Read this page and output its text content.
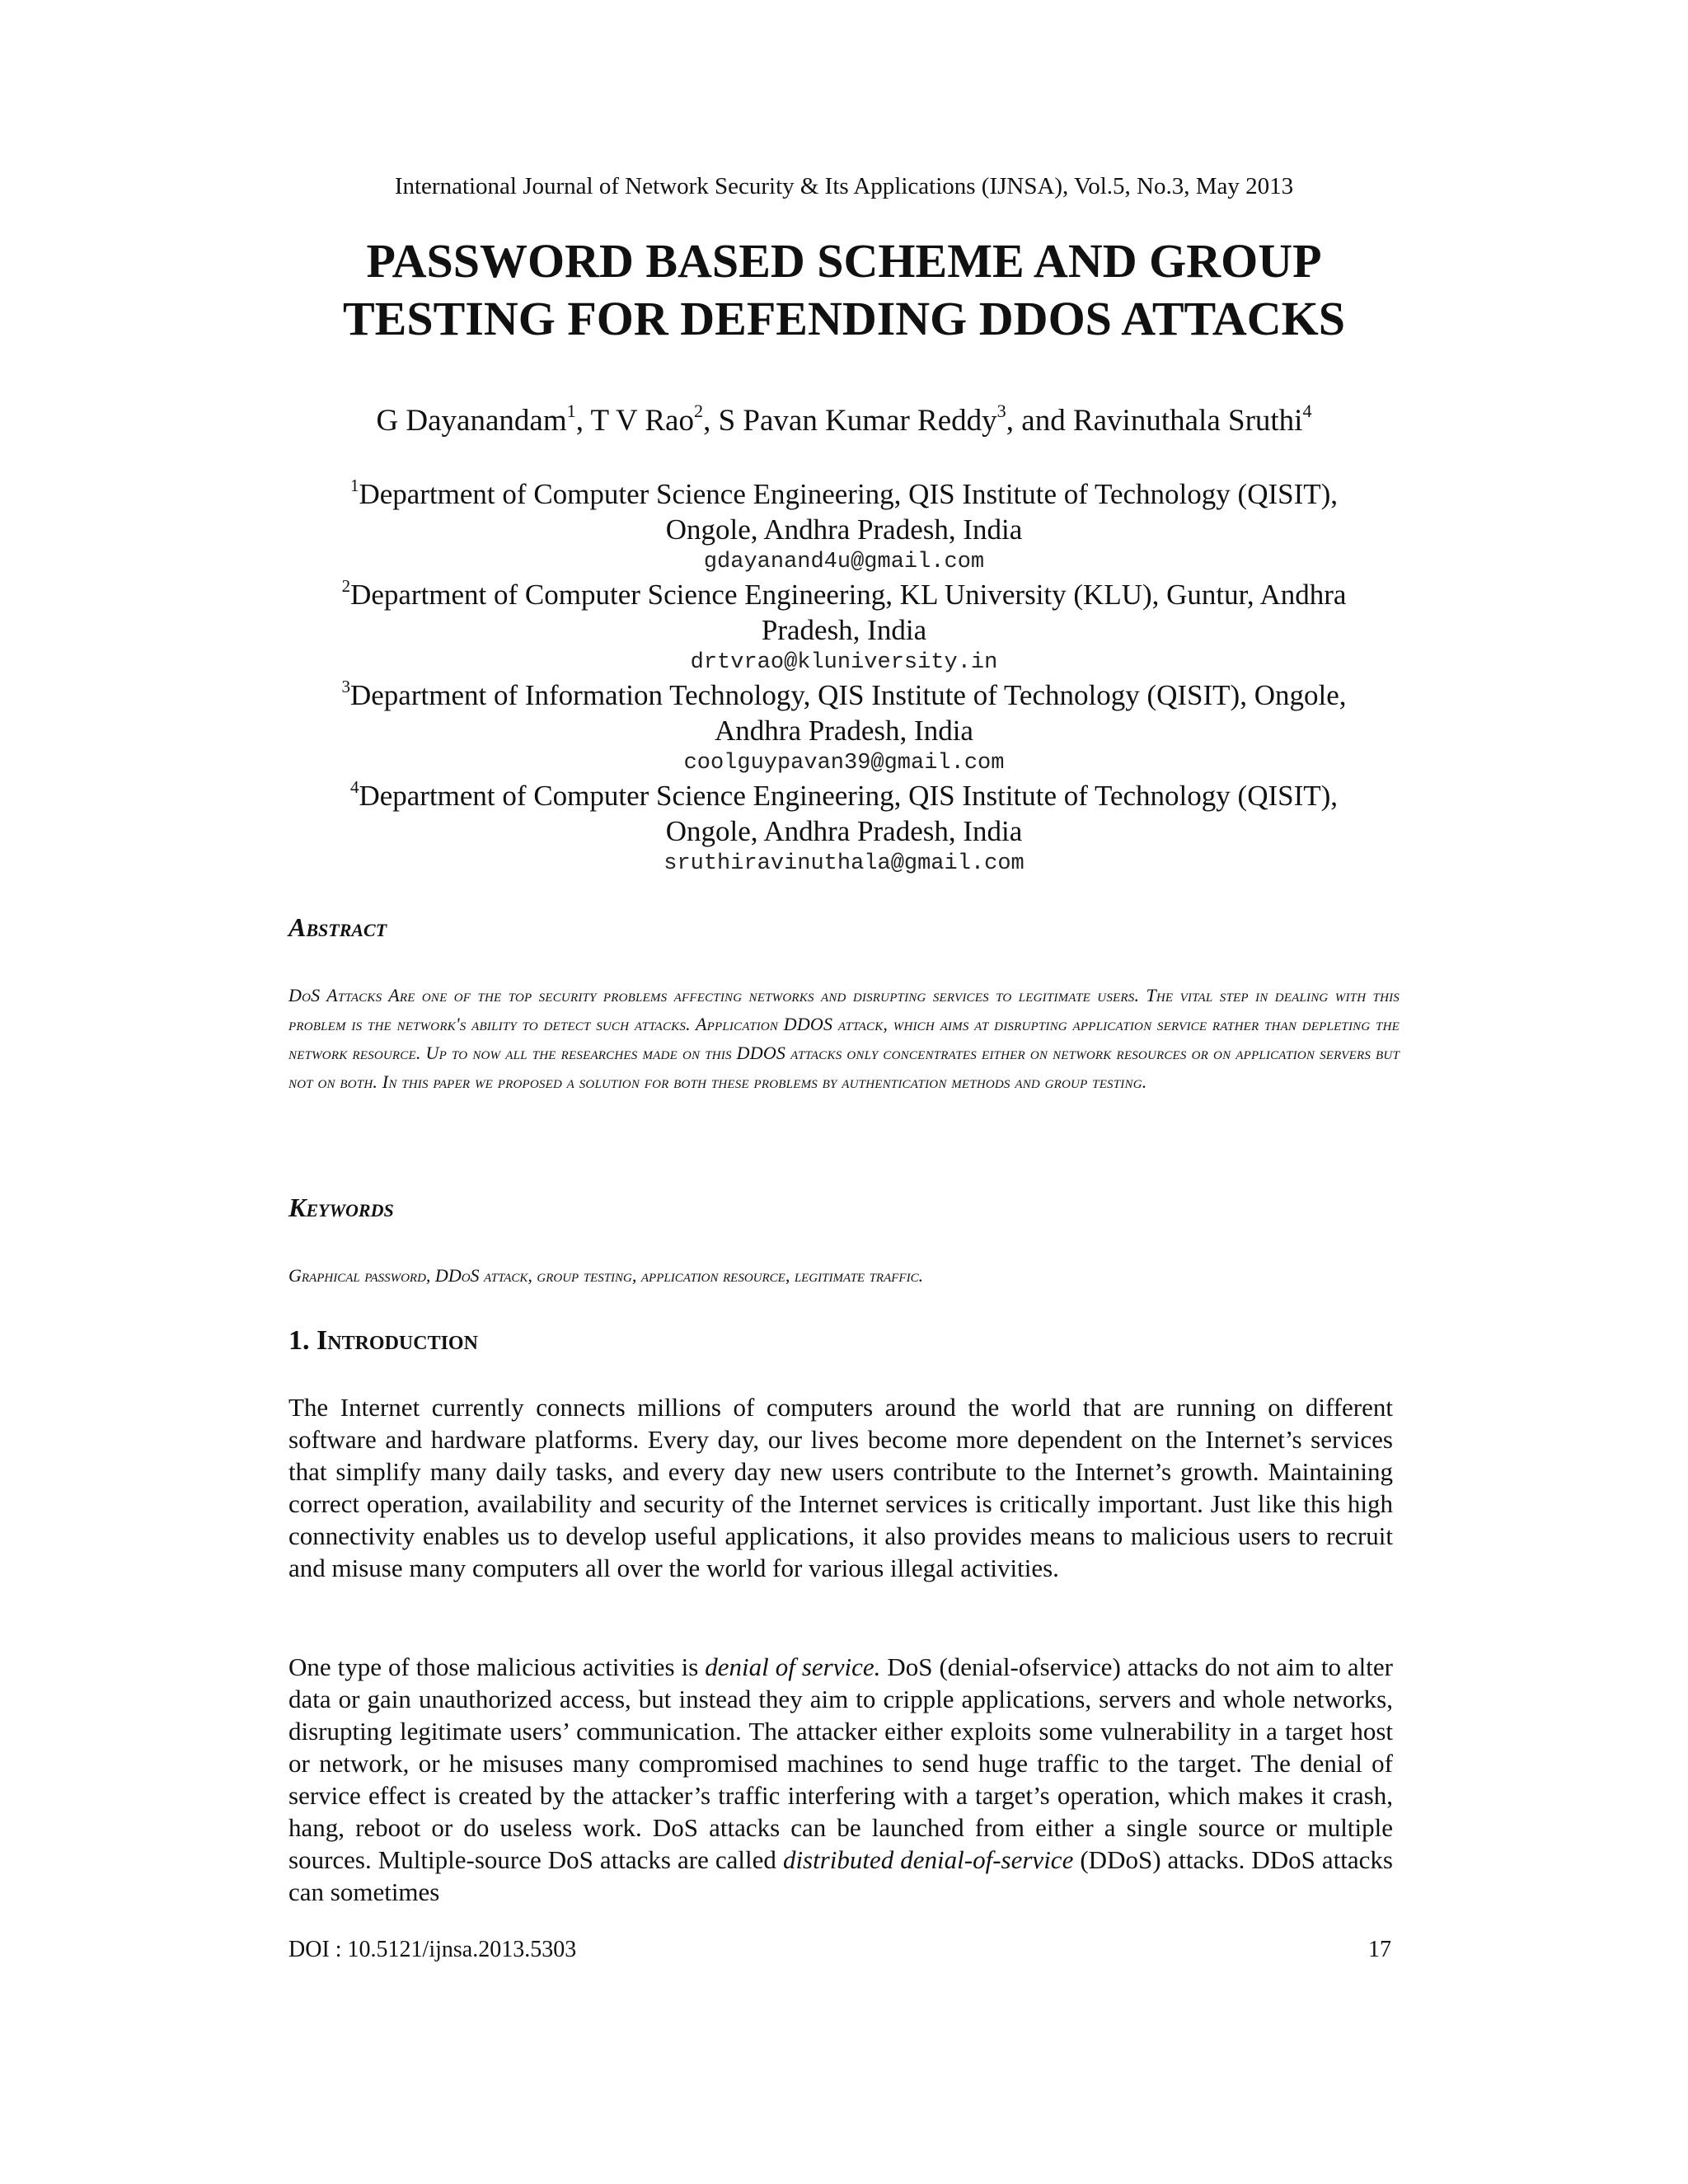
International Journal of Network Security & Its Applications (IJNSA), Vol.5, No.3, May 2013
PASSWORD BASED SCHEME AND GROUP
TESTING FOR DEFENDING DDOS ATTACKS
G Dayanandam$^1$, T V Rao$^2$, S Pavan Kumar Reddy$^3$, and Ravinuthala Sruthi$^4$
$^1$Department of Computer Science Engineering, QIS Institute of Technology (QISIT),
Ongole, Andhra Pradesh, India
gdayanand4u@gmail.com
$^2$Department of Computer Science Engineering, KL University (KLU), Guntur, Andhra
Pradesh, India
drtvrao@kluniversity.in
$^3$Department of Information Technology, QIS Institute of Technology (QISIT), Ongole,
Andhra Pradesh, India
coolguypavan39@gmail.com
$^4$Department of Computer Science Engineering, QIS Institute of Technology (QISIT),
Ongole, Andhra Pradesh, India
sruthiravinuthala@gmail.com
Abstract

DoS Attacks Are one of the top security problems affecting networks and disrupting services to legitimate users. The vital step in dealing with this problem is the network's ability to detect such attacks. Application DDOS attack, which aims at disrupting application service rather than depleting the network resource. Up to now all the researches made on this DDOS attacks only concentrates either on network resources or on application servers but not on both. In this paper we proposed a solution for both these problems by authentication methods and group testing.

Keywords

Graphical password, DDoS attack, group testing, application resource, legitimate traffic.

1. Introduction

The Internet currently connects millions of computers around the world that are running on different software and hardware platforms. Every day, our lives become more dependent on the Internet’s services that simplify many daily tasks, and every day new users contribute to the Internet’s growth. Maintaining correct operation, availability and security of the Internet services is critically important. Just like this high connectivity enables us to develop useful applications, it also provides means to malicious users to recruit and misuse many computers all over the world for various illegal activities.

One type of those malicious activities is denial of service. DoS (denial-ofservice) attacks do not aim to alter data or gain unauthorized access, but instead they aim to cripple applications, servers and whole networks, disrupting legitimate users’ communication. The attacker either exploits some vulnerability in a target host or network, or he misuses many compromised machines to send huge traffic to the target. The denial of service effect is created by the attacker’s traffic interfering with a target’s operation, which makes it crash, hang, reboot or do useless work. DoS attacks can be launched from either a single source or multiple sources. Multiple-source DoS attacks are called distributed denial-of-service (DDoS) attacks. DDoS attacks can sometimes

DOI : 10.5121/ijnsa.2013.5303	17
